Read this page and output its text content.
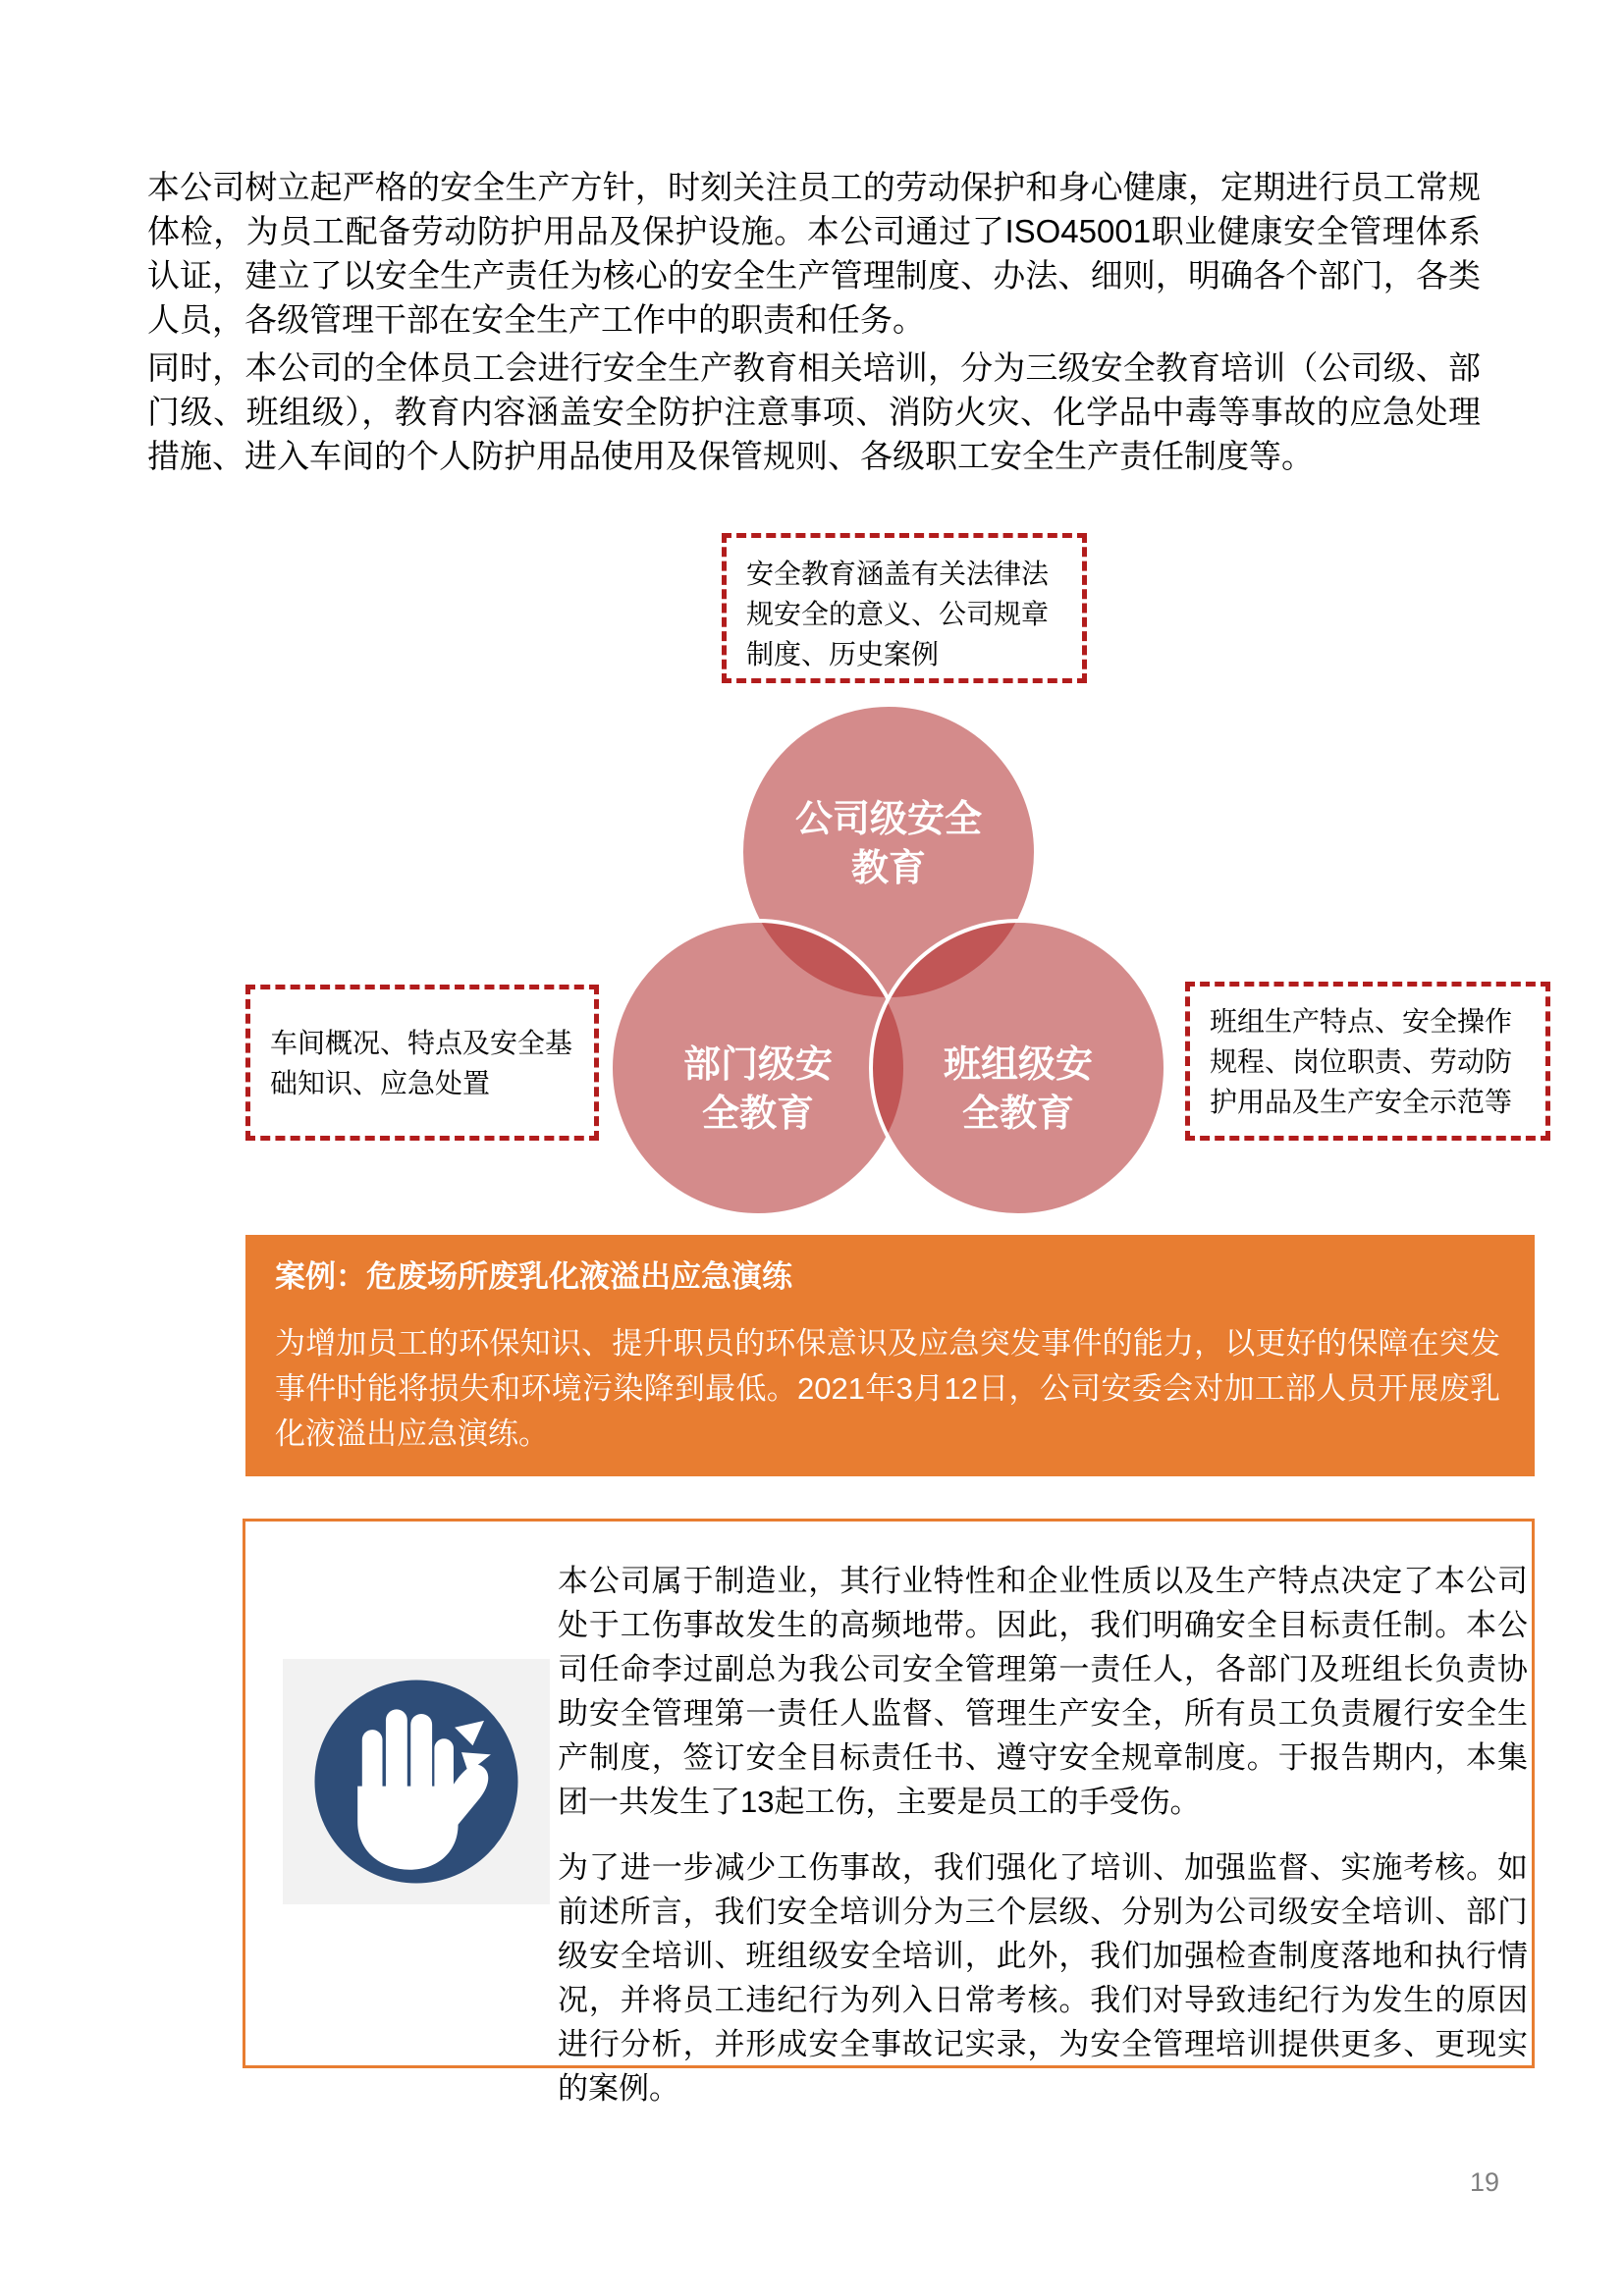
本公司树立起严格的安全生产方针，时刻关注员工的劳动保护和身心健康，定期进行员工常规体检，为员工配备劳动防护用品及保护设施。本公司通过了ISO45001职业健康安全管理体系认证，建立了以安全生产责任为核心的安全生产管理制度、办法、细则，明确各个部门，各类人员，各级管理干部在安全生产工作中的职责和任务。
同时，本公司的全体员工会进行安全生产教育相关培训，分为三级安全教育培训（公司级、部门级、班组级），教育内容涵盖安全防护注意事项、消防火灾、化学品中毒等事故的应急处理措施、进入车间的个人防护用品使用及保管规则、各级职工安全生产责任制度等。
安全教育涵盖有关法律法规安全的意义、公司规章制度、历史案例
公司级安全教育
部门级安全教育
班组级安全教育
车间概况、特点及安全基础知识、应急处置
班组生产特点、安全操作规程、岗位职责、劳动防护用品及生产安全示范等
案例：危废场所废乳化液溢出应急演练
为增加员工的环保知识、提升职员的环保意识及应急突发事件的能力，以更好的保障在突发事件时能将损失和环境污染降到最低。2021年3月12日，公司安委会对加工部人员开展废乳化液溢出应急演练。
本公司属于制造业，其行业特性和企业性质以及生产特点决定了本公司处于工伤事故发生的高频地带。因此，我们明确安全目标责任制。本公司任命李过副总为我公司安全管理第一责任人，各部门及班组长负责协助安全管理第一责任人监督、管理生产安全，所有员工负责履行安全生产制度，签订安全目标责任书、遵守安全规章制度。于报告期内，本集团一共发生了13起工伤，主要是员工的手受伤。
为了进一步减少工伤事故，我们强化了培训、加强监督、实施考核。如前述所言，我们安全培训分为三个层级、分别为公司级安全培训、部门级安全培训、班组级安全培训，此外，我们加强检查制度落地和执行情况，并将员工违纪行为列入日常考核。我们对导致违纪行为发生的原因进行分析，并形成安全事故记实录，为安全管理培训提供更多、更现实的案例。
19
